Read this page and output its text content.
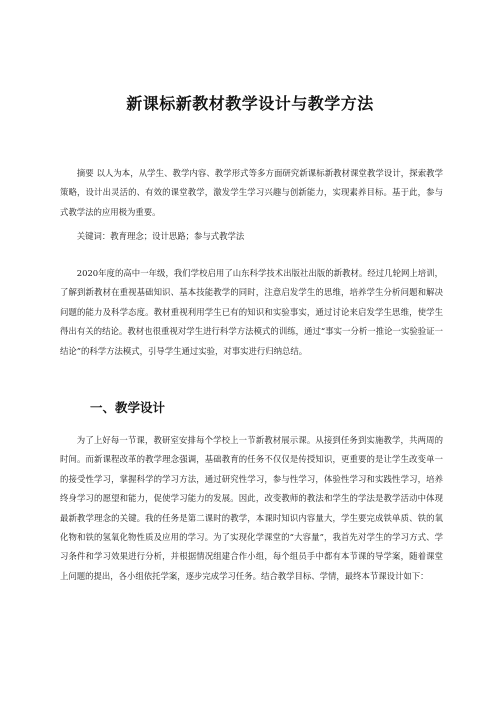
新课标新教材教学设计与教学方法

摘要 以人为本，从学生、教学内容、教学形式等多方面研究新课标新教材课堂教学设计，探索教学策略，设计出灵活的、有效的课堂教学，激发学生学习兴趣与创新能力，实现素养目标。基于此，参与式教学法的应用极为重要。

关键词：教育理念；设计思路；参与式教学法

2020年度的高中一年级，我们学校启用了山东科学技术出版社出版的新教材。经过几轮网上培训，了解到新教材在重视基础知识、基本技能教学的同时，注意启发学生的思维，培养学生分析问题和解决问题的能力及科学态度。教材重视利用学生已有的知识和实验事实，通过讨论来启发学生思维，使学生得出有关的结论。教材也很重视对学生进行科学方法模式的训练，通过“事实一分析一推论一实验验证一结论”的科学方法模式，引导学生通过实验，对事实进行归纳总结。

一、教学设计

为了上好每一节课，教研室安排每个学校上一节新教材展示课。从接到任务到实施教学，共两周的时间。而新课程改革的教学理念强调，基础教育的任务不仅仅是传授知识，更重要的是让学生改变单一的接受性学习，掌握科学的学习方法，通过研究性学习，参与性学习，体验性学习和实践性学习，培养终身学习的愿望和能力，促使学习能力的发展。因此，改变教师的教法和学生的学法是教学活动中体现最新教学理念的关键。我的任务是第二课时的教学，本课时知识内容量大，学生要完成铁单质、铁的氧化物和铁的氢氧化物性质及应用的学习。为了实现化学课堂的“大容量”，我首先对学生的学习方式、学习条件和学习效果进行分析，并根据情况组建合作小组，每个组员手中都有本节课的导学案，随着课堂上问题的提出，各小组依托学案，逐步完成学习任务。结合教学目标、学情，最终本节课设计如下：
